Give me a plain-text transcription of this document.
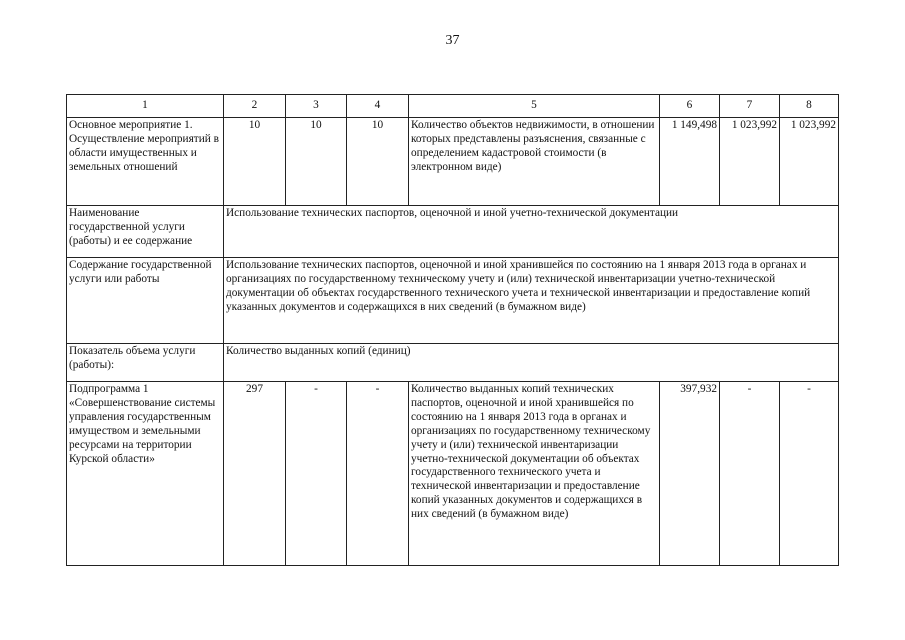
37
1	2	3	4	5	6	7	8
Основное мероприятие 1. Осуществление мероприятий в области имущественных и земельных отношений	10	10	10	Количество объектов недвижимости, в отношении которых представлены разъяснения, связанные с определением кадастровой стоимости (в электронном виде)	1 149,498	1 023,992	1 023,992
Наименование государственной услуги (работы) и ее содержание	Использование технических паспортов, оценочной и иной учетно-технической документации						
Содержание государственной услуги или работы	Использование технических паспортов, оценочной и иной хранившейся по состоянию на 1 января 2013 года в органах и организациях по государственному техническому учету и (или) технической инвентаризации учетно-технической документации об объектах государственного технического учета и технической инвентаризации и предоставление копий указанных документов и содержащихся в них сведений (в бумажном виде)						
Показатель объема услуги (работы):	Количество выданных копий (единиц)						
Подпрограмма 1 «Совершенствование системы управления государственным имуществом и земельными ресурсами на территории Курской области»	297	-	-	Количество выданных копий технических паспортов, оценочной и иной хранившейся по состоянию на 1 января 2013 года в органах и организациях по государственному техническому учету и (или) технической инвентаризации учетно-технической документации об объектах государственного технического учета и технической инвентаризации и предоставление копий указанных документов и содержащихся в них сведений (в бумажном виде)	397,932	-	-
